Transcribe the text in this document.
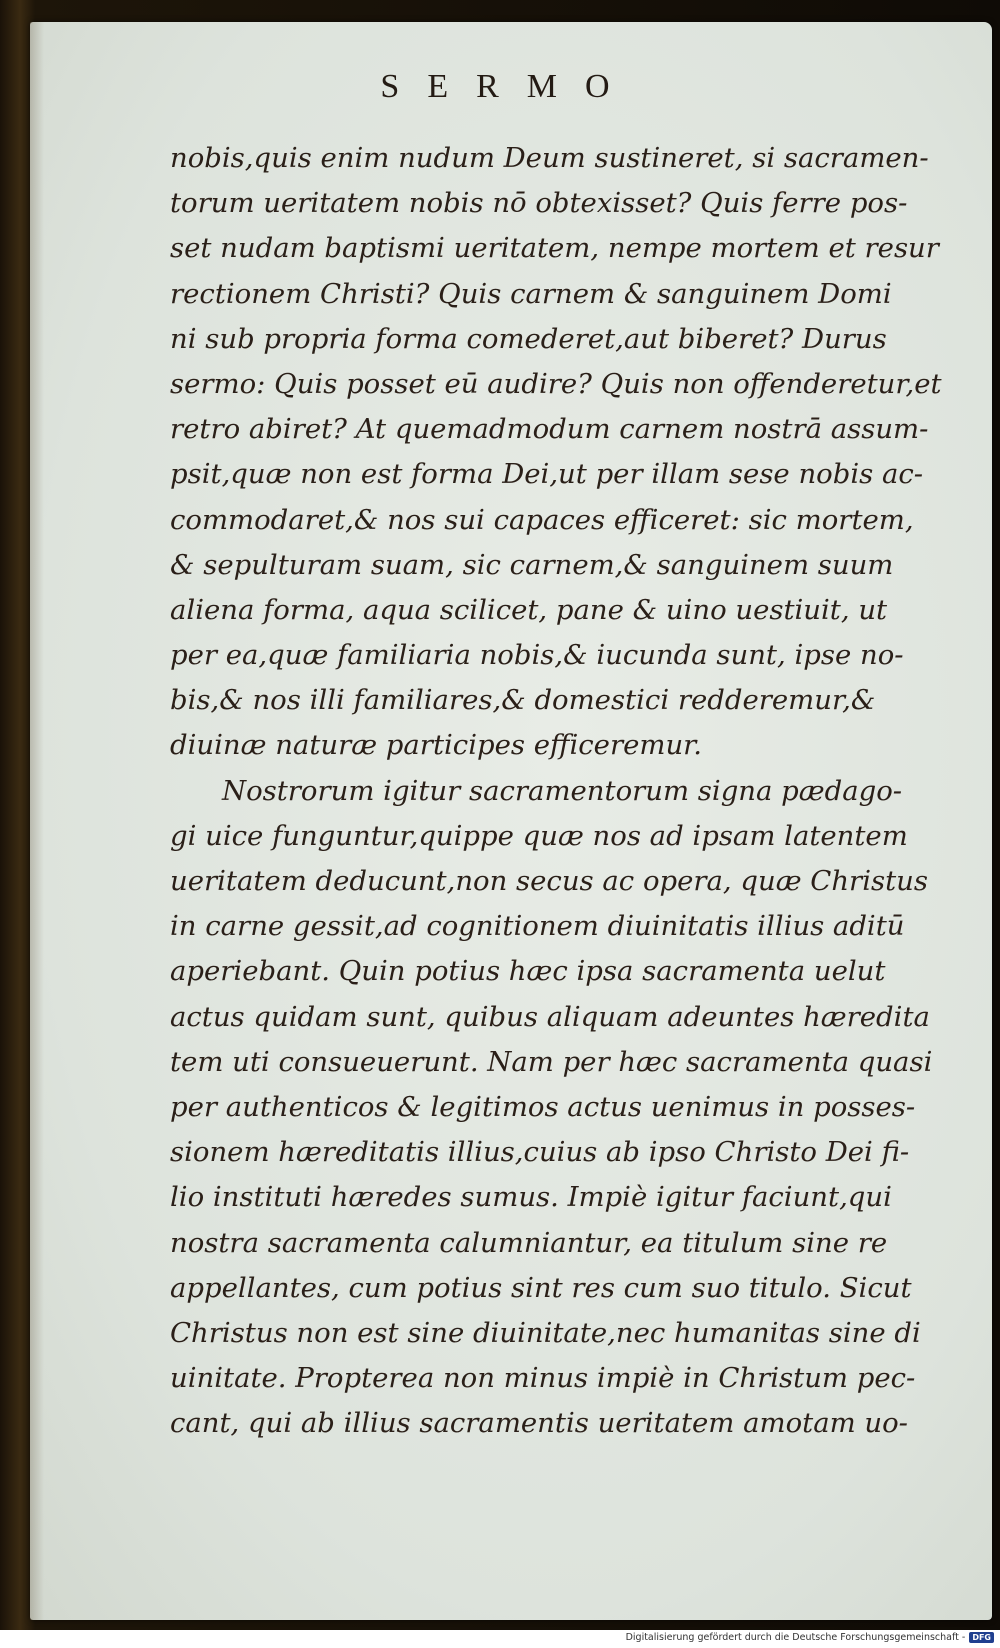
SERMO
nobis,quis enim nudum Deum sustineret, si sacramen-
torum ueritatem nobis nō obtexisset? Quis ferre pos-
set nudam baptismi ueritatem, nempe mortem et resur
rectionem Christi? Quis carnem & sanguinem Domi
ni sub propria forma comederet,aut biberet? Durus
sermo: Quis posset eū audire? Quis non offenderetur,et
retro abiret? At quemadmodum carnem nostrā assum-
psit,quæ non est forma Dei,ut per illam sese nobis ac-
commodaret,& nos sui capaces efficeret: sic mortem,
& sepulturam suam, sic carnem,& sanguinem suum
aliena forma, aqua scilicet, pane & uino uestiuit, ut
per ea,quæ familiaria nobis,& iucunda sunt, ipse no-
bis,& nos illi familiares,& domestici redderemur,&
diuinæ naturæ participes efficeremur.
Nostrorum igitur sacramentorum signa pædago-
gi uice funguntur,quippe quæ nos ad ipsam latentem
ueritatem deducunt,non secus ac opera, quæ Christus
in carne gessit,ad cognitionem diuinitatis illius aditū
aperiebant. Quin potius hæc ipsa sacramenta uelut
actus quidam sunt, quibus aliquam adeuntes hæredita
tem uti consueuerunt. Nam per hæc sacramenta quasi
per authenticos & legitimos actus uenimus in posses-
sionem hæreditatis illius,cuius ab ipso Christo Dei fi-
lio instituti hæredes sumus. Impiè igitur faciunt,qui
nostra sacramenta calumniantur, ea titulum sine re
appellantes, cum potius sint res cum suo titulo. Sicut
Christus non est sine diuinitate,nec humanitas sine di
uinitate. Propterea non minus impiè in Christum pec-
cant, qui ab illius sacramentis ueritatem amotam uo-
Digitalisierung gefördert durch die Deutsche Forschungsgemeinschaft - DFG
